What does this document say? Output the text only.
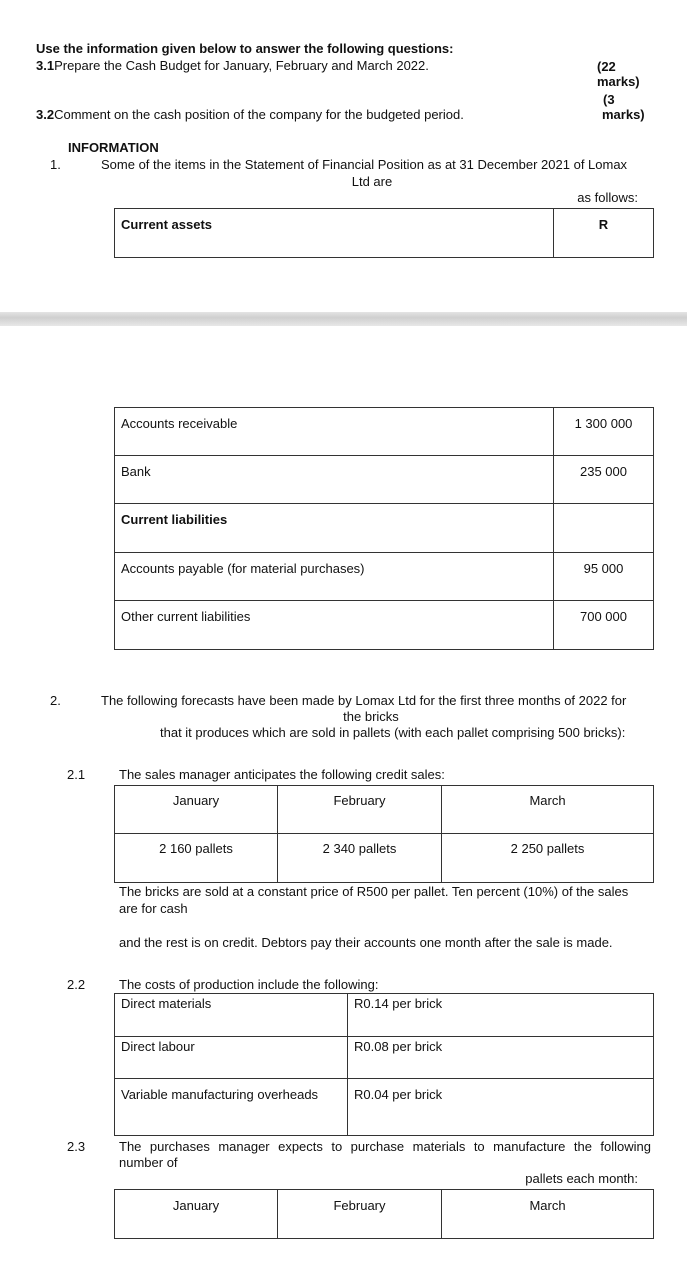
Use the information given below to answer the following questions:
3.1Prepare the Cash Budget for January, February and March 2022.	(22
marks)
(3
marks)
3.2Comment on the cash position of the company for the budgeted period.
INFORMATION
1.	Some of the items in the Statement of Financial Position as at 31 December 2021 of Lomax
Ltd are
as follows:
Current assets	R
Accounts receivable	1 300 000
Bank	235 000
Current liabilities	
Accounts payable (for material purchases)	95 000
Other current liabilities	700 000
2.	The following forecasts have been made by Lomax Ltd for the first three months of 2022 for
the bricks
that it produces which are sold in pallets (with each pallet comprising 500 bricks):
2.1	The sales manager anticipates the following credit sales:
January	February	March
2 160 pallets	2 340 pallets	2 250 pallets
The bricks are sold at a constant price of R500 per pallet. Ten percent (10%) of the sales
are for cash
and the rest is on credit. Debtors pay their accounts one month after the sale is made.
2.2	The costs of production include the following:
Direct materials	R0.14 per brick
Direct labour	R0.08 per brick
Variable manufacturing overheads	R0.04 per brick
2.3	The purchases manager expects to purchase materials to manufacture the following
number of
pallets each month:
January	February	March
